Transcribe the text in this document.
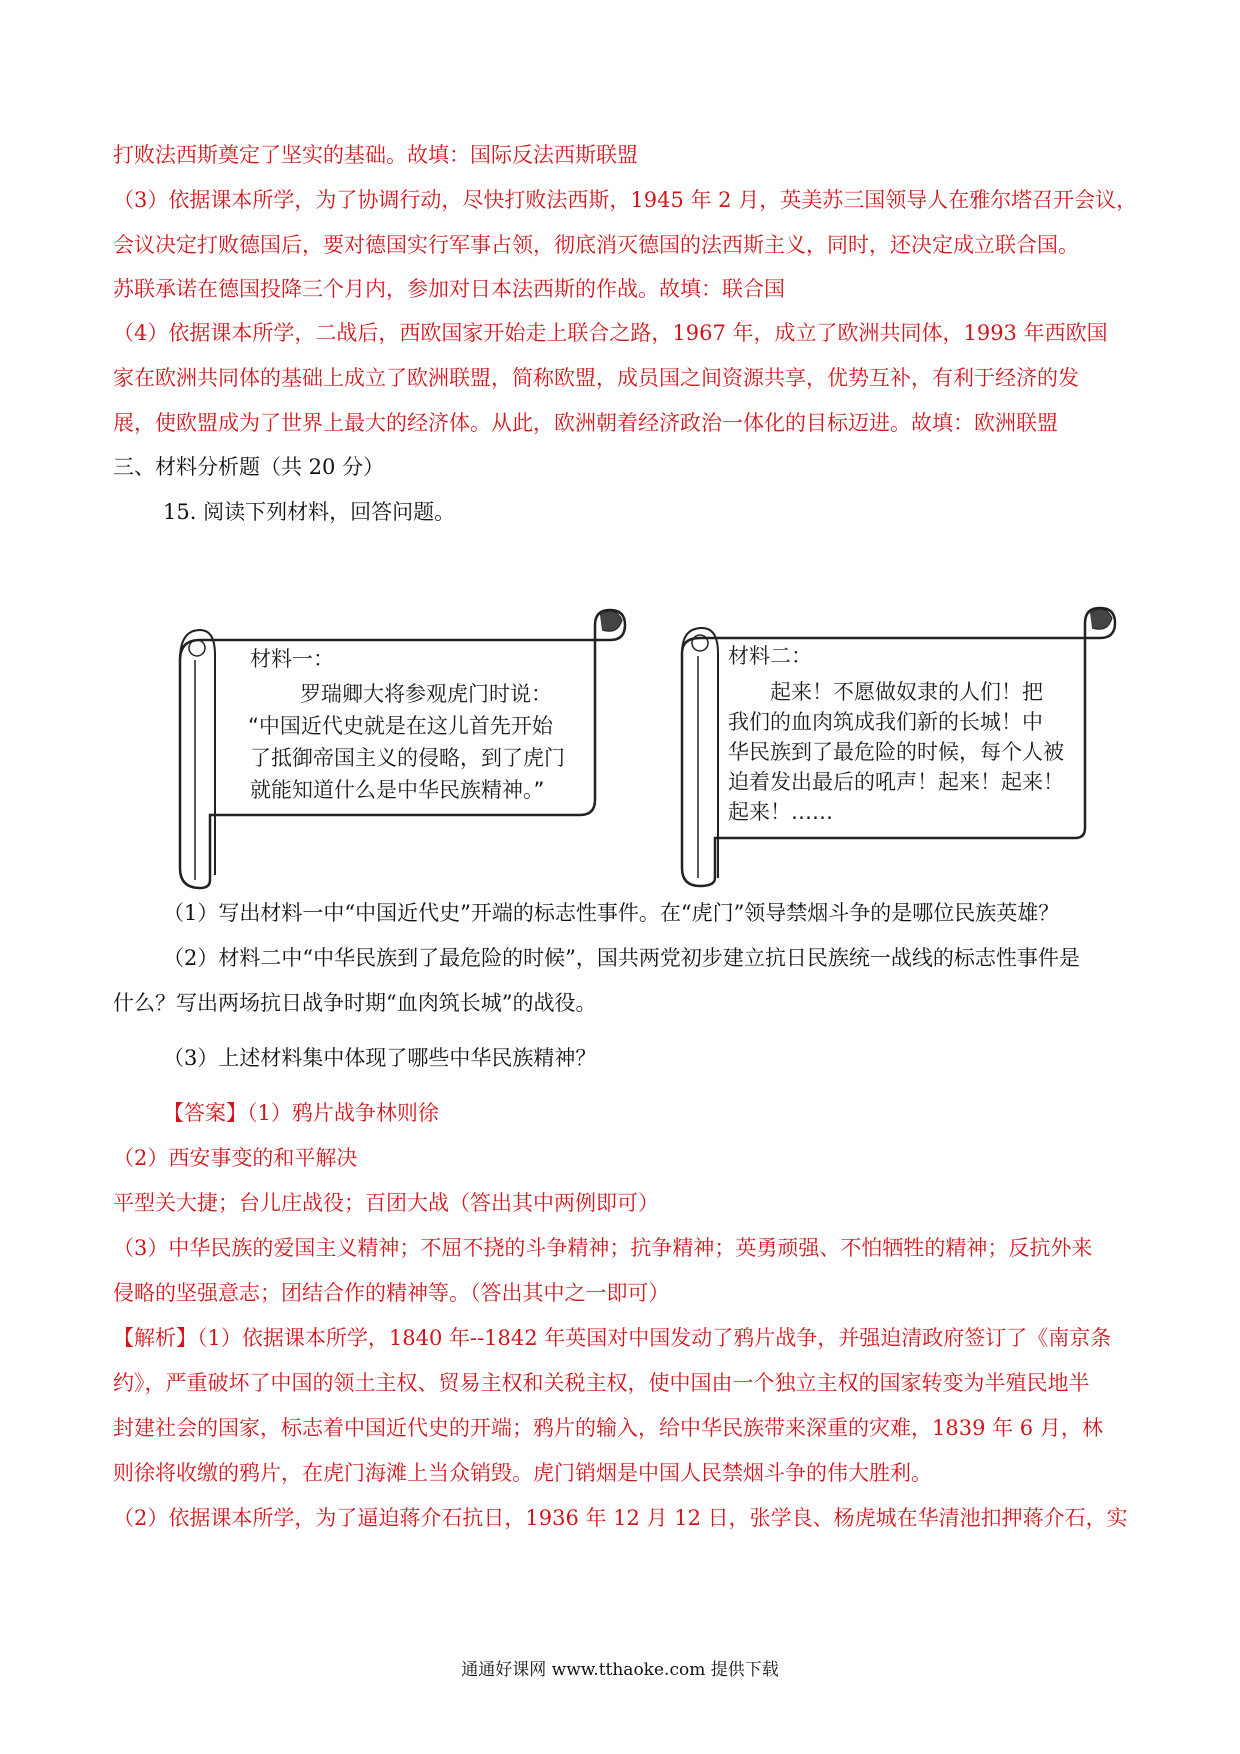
打败法西斯奠定了坚实的基础。故填：国际反法西斯联盟
（3）依据课本所学，为了协调行动，尽快打败法西斯，1945 年 2 月，英美苏三国领导人在雅尔塔召开会议，
会议决定打败德国后，要对德国实行军事占领，彻底消灭德国的法西斯主义，同时，还决定成立联合国。
苏联承诺在德国投降三个月内，参加对日本法西斯的作战。故填：联合国
（4）依据课本所学，二战后，西欧国家开始走上联合之路，1967 年，成立了欧洲共同体，1993 年西欧国
家在欧洲共同体的基础上成立了欧洲联盟，简称欧盟，成员国之间资源共享，优势互补，有利于经济的发
展，使欧盟成为了世界上最大的经济体。从此，欧洲朝着经济政治一体化的目标迈进。故填：欧洲联盟
三、材料分析题（共 20 分）
15. 阅读下列材料，回答问题。
材料一：
罗瑞卿大将参观虎门时说：
“中国近代史就是在这儿首先开始
了抵御帝国主义的侵略，到了虎门
就能知道什么是中华民族精神。”
材料二：
起来！不愿做奴隶的人们！把
我们的血肉筑成我们新的长城！中
华民族到了最危险的时候，每个人被
迫着发出最后的吼声！起来！起来！
起来！……
（1）写出材料一中“中国近代史”开端的标志性事件。在“虎门”领导禁烟斗争的是哪位民族英雄？
（2）材料二中“中华民族到了最危险的时候”，国共两党初步建立抗日民族统一战线的标志性事件是
什么？写出两场抗日战争时期“血肉筑长城”的战役。
（3）上述材料集中体现了哪些中华民族精神？
【答案】（1）鸦片战争林则徐
（2）西安事变的和平解决
平型关大捷；台儿庄战役；百团大战（答出其中两例即可）
（3）中华民族的爱国主义精神；不屈不挠的斗争精神；抗争精神；英勇顽强、不怕牺牲的精神；反抗外来
侵略的坚强意志；团结合作的精神等。（答出其中之一即可）
【解析】（1）依据课本所学，1840 年--1842 年英国对中国发动了鸦片战争，并强迫清政府签订了《南京条
约》，严重破坏了中国的领土主权、贸易主权和关税主权，使中国由一个独立主权的国家转变为半殖民地半
封建社会的国家，标志着中国近代史的开端；鸦片的输入，给中华民族带来深重的灾难，1839 年 6 月，林
则徐将收缴的鸦片，在虎门海滩上当众销毁。虎门销烟是中国人民禁烟斗争的伟大胜利。
（2）依据课本所学，为了逼迫蒋介石抗日，1936 年 12 月 12 日，张学良、杨虎城在华清池扣押蒋介石，实
通通好课网 www.tthaoke.com 提供下载
